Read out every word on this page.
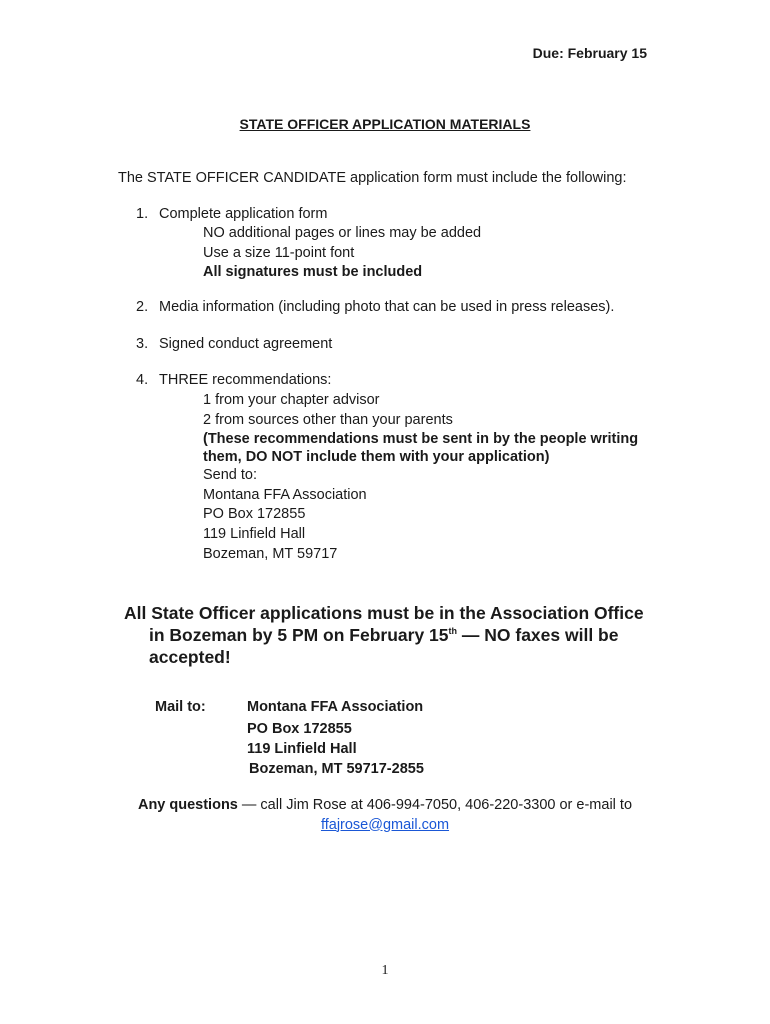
Due: February 15
STATE OFFICER APPLICATION MATERIALS
The STATE OFFICER CANDIDATE application form must include the following:
1. Complete application form
NO additional pages or lines may be added
Use a size 11-point font
All signatures must be included
2. Media information (including photo that can be used in press releases).
3. Signed conduct agreement
4. THREE recommendations:
1 from your chapter advisor
2 from sources other than your parents
(These recommendations must be sent in by the people writing
them, DO NOT include them with your application)
Send to:
Montana FFA Association
PO Box 172855
119 Linfield Hall
Bozeman, MT 59717
All State Officer applications must be in the Association Office
in Bozeman by 5 PM on February 15th — NO faxes will be
accepted!
Mail to:	Montana FFA Association
PO Box 172855
119 Linfield Hall
Bozeman, MT 59717-2855
Any questions — call Jim Rose at 406-994-7050, 406-220-3300 or e-mail to
ffajrose@gmail.com
1
